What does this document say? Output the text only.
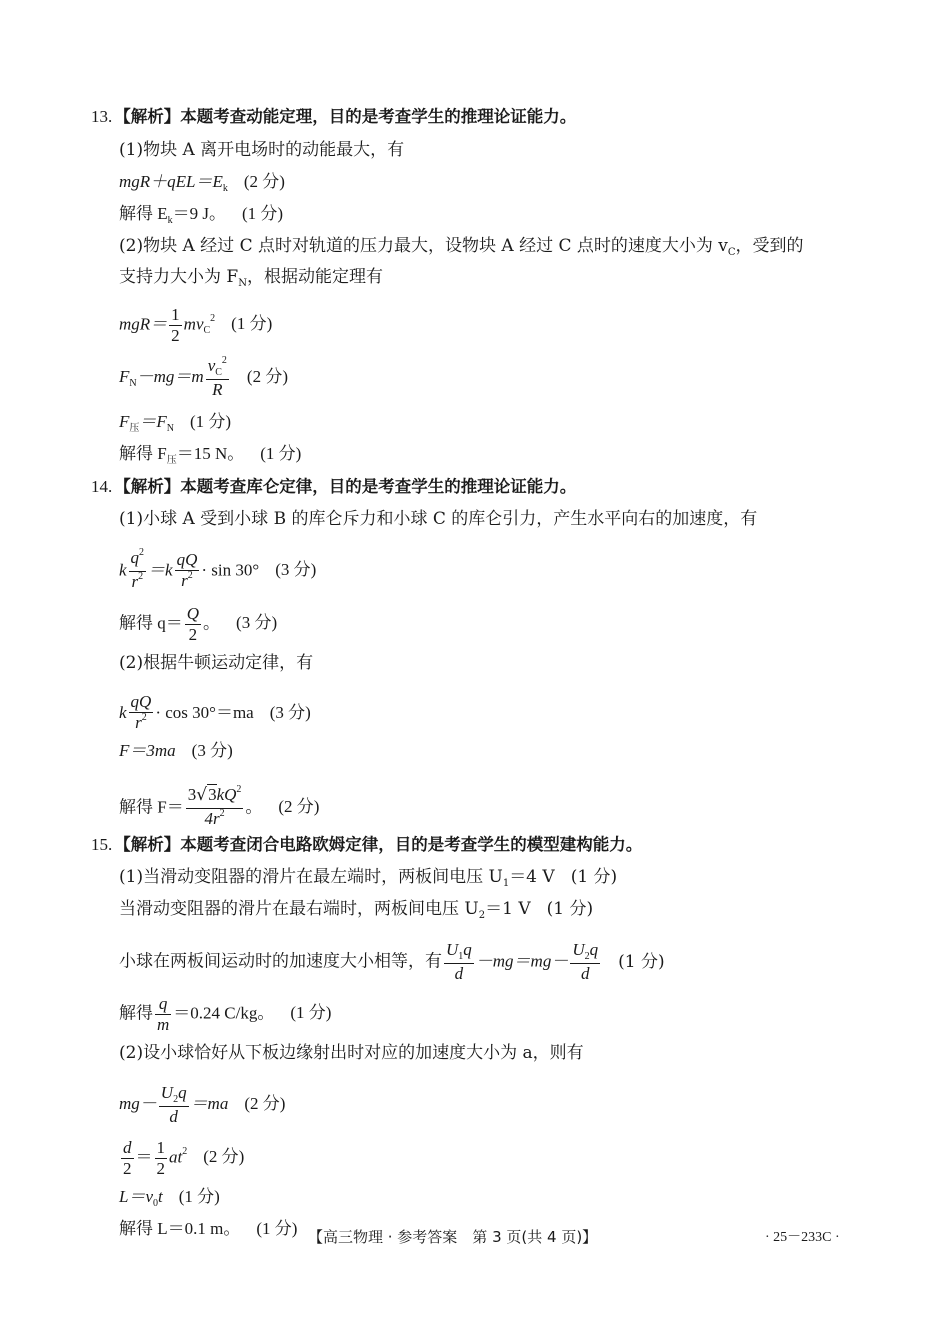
13. 【解析】本题考查动能定理，目的是考查学生的推理论证能力。
(1)物块 A 离开电场时的动能最大，有
$mgR+qEL=E_k$ (2 分)
解得 $E_k=9$ J。 (1 分)
(2)物块 A 经过 C 点时对轨道的压力最大，设物块 A 经过 C 点时的速度大小为 $v_C$，受到的
支持力大小为 $F_N$，根据动能定理有
$mgR= \frac{1}{2} mv_C^2$ (1 分)
$F_N-mg=m \frac{v_C^2}{R} (2$ 分)
$F_压=F_N$ (1 分)
解得 $F_压=15$ N。 (1 分)
14. 【解析】本题考查库仑定律，目的是考查学生的推理论证能力。
(1)小球 A 受到小球 B 的库仑斥力和小球 C 的库仑引力，产生水平向右的加速度，有
k $\frac{q^2}{r^2} =k \frac{qQ}{r^2} \cdot \sin 30^\circ$ (3 分)
解得 $q= \frac{Q}{2}$ 。 (3 分)
(2)根据牛顿运动定律，有
k $\frac{qQ}{r^2} \cdot \cos 30^\circ=ma$ (3 分)
F＝3ma (3 分)
解得 $F= \frac{3√3kQ^2}{4r^2}$ 。 (2 分)
15. 【解析】本题考查闭合电路欧姆定律，目的是考查学生的模型建构能力。
(1)当滑动变阻器的滑片在最左端时，两板间电压 $U_1=4$ V (1 分)
当滑动变阻器的滑片在最右端时，两板间电压 $U_2=1$ V (1 分)
小球在两板间运动时的加速度大小相等，有 $\frac{U_1q}{d} -mg=mg- \frac{U_2q}{d} (1$ 分)
解得 $\frac{q}{m} =0.24$ C/kg。 (1 分)
(2)设小球恰好从下板边缘射出时对应的加速度大小为 a，则有
$mg- \frac{U_2q}{d} =ma$ (2 分)
$\frac{d}{2} = \frac{1}{2} at^2$ (2 分)
$L=v_0t$ (1 分)
解得 L＝0.1 m。 (1 分) 【高三物理 · 参考答案　第 3 页(共 4 页)】	· 25－233C ·
